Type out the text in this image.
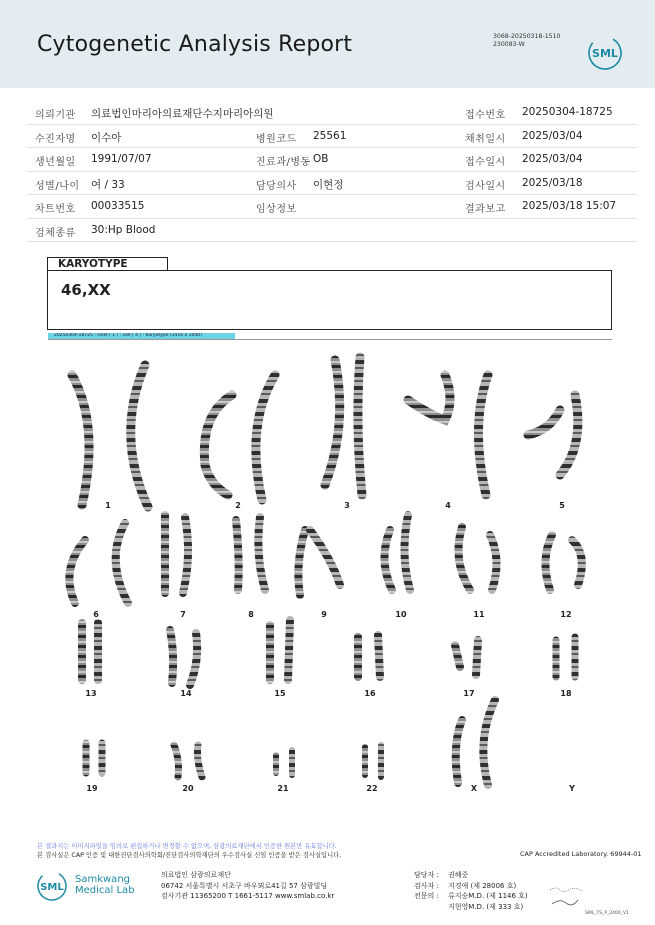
Cytogenetic Analysis Report	3068-20250318-1510
230083-W
SML
의뢰기관 의료법인마리아의료재단수지마리아의원	접수번호 20250304-18725
수진자명 이수아	병원코드 25561	채취일시 2025/03/04
생년월일 1991/07/07	진료과/병동 OB	접수일시 2025/03/04
성별/나이 여 / 33	담당의사 이현정	검사일시 2025/03/18
차트번호 00033515	임상정보	결과보고 2025/03/18 15:07
검체종류 30:Hp Blood
KARYOTYPE
46,XX
20250304-18725 : slide [ 1 ] : cell [ 4 ] : Karyotype (1416 x 1040)
1	2	3	4	5
6	7	8	9	10	11	12
13	14	15	16	17	18
19	20	21	22	X	Y
본 결과지는 이미지파일을 임의로 편집하거나 변경할 수 없으며, 삼광의료재단에서 인증한 원본만 유효합니다.
본 검사실은 CAP 인증 및 대한진단검사의학회/진단검사의학재단의 우수검사실 신임 인증을 받은 검사실입니다.	CAP Accredited Laboratory. 69944-01
SML
Samkwang
Medical Lab
의료법인 삼광의료재단
06742 서울특별시 서초구 바우뫼로41길 57 삼광빌딩
검사기관 11365200 T 1661-5117 www.smlab.co.kr
담당자 : 권혜중
검사자 : 지경애 (제 28006 호)
전문의 : 류지숭M.D. (제 1146 호)
지현영M.D. (제 333 호)
SML_TS_P_2400_V1
